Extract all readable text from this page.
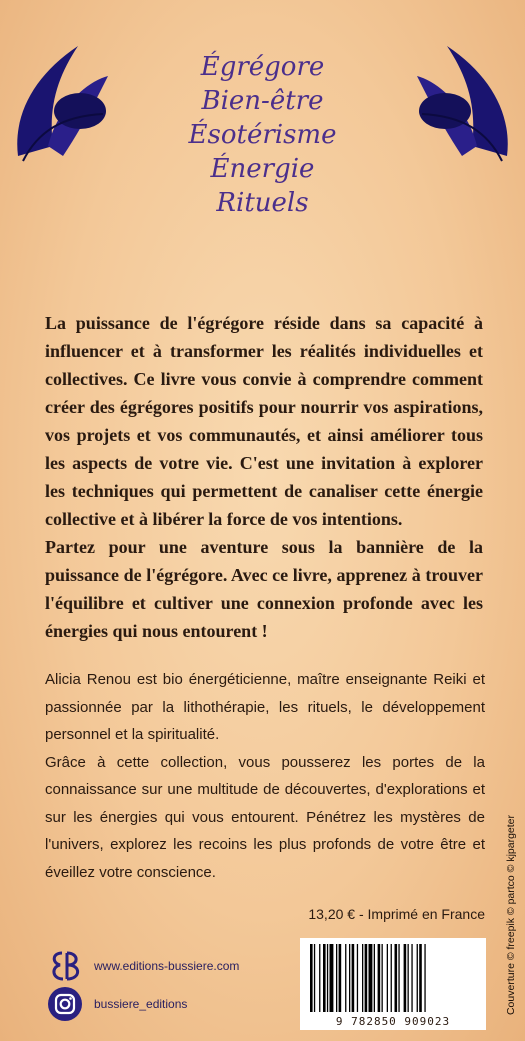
Égrégore
Bien-être
Ésotérisme
Énergie
Rituels

La puissance de l'égrégore réside dans sa capacité à influencer et à transformer les réalités individuelles et collectives. Ce livre vous convie à comprendre comment créer des égrégores positifs pour nourrir vos aspirations, vos projets et vos communautés, et ainsi améliorer tous les aspects de votre vie. C'est une invitation à explorer les techniques qui permettent de canaliser cette énergie collective et à libérer la force de vos intentions.

Partez pour une aventure sous la bannière de la puissance de l'égrégore. Avec ce livre, apprenez à trouver l'équilibre et cultiver une connexion profonde avec les énergies qui nous entourent !

Alicia Renou est bio énergéticienne, maître enseignante Reiki et passionnée par la lithothérapie, les rituels, le développement personnel et la spiritualité.

Grâce à cette collection, vous pousserez les portes de la connaissance sur une multitude de découvertes, d'explorations et sur les énergies qui vous entourent. Pénétrez les mystères de l'univers, explorez les recoins les plus profonds de votre être et éveillez votre conscience.

13,20 € - Imprimé en France Couverture © freepik © partco © kjpargeter
www.editions-bussiere.com
bussiere_editions
9 782850 909023
